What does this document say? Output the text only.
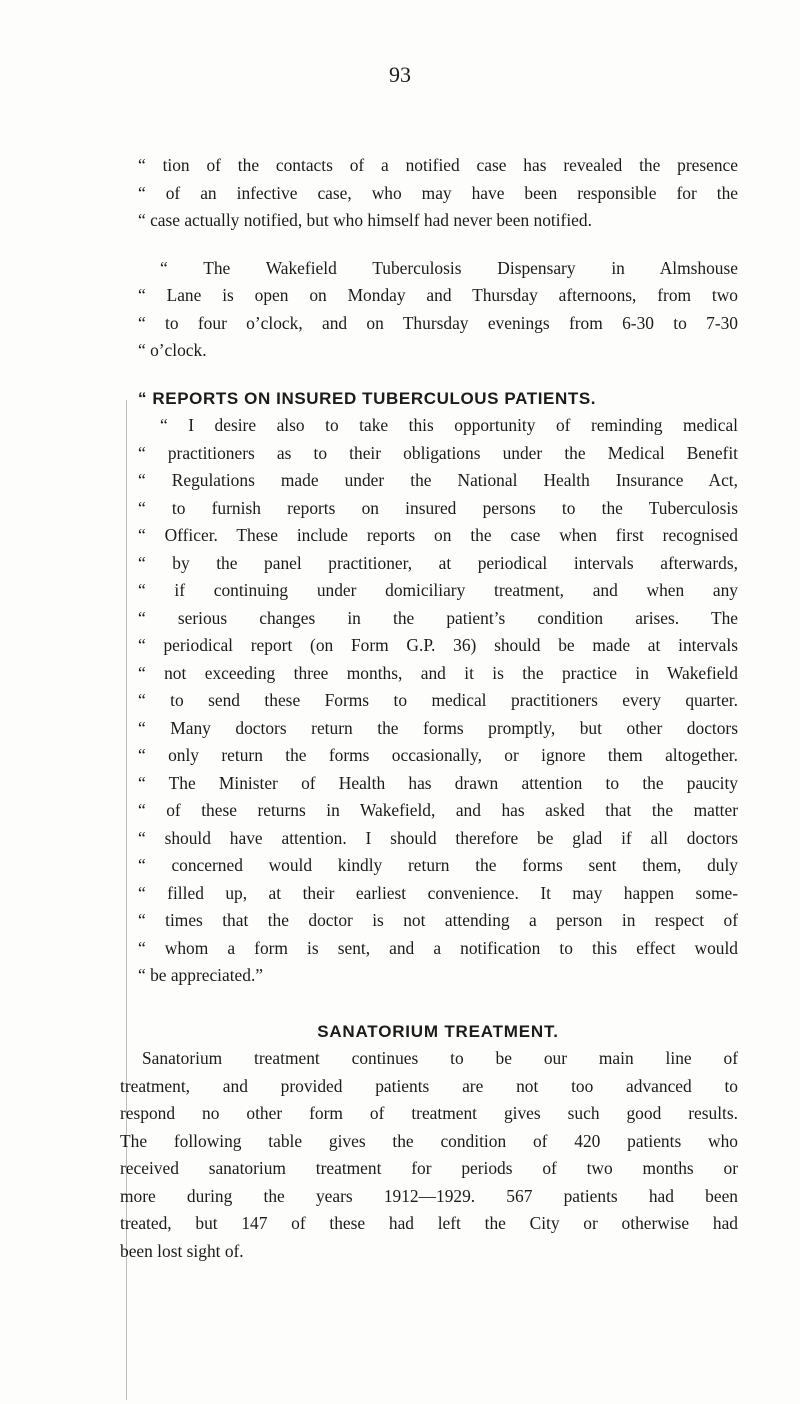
93
“ tion of the contacts of a notified case has revealed the presence
“ of an infective case, who may have been responsible for the
“ case actually notified, but who himself had never been notified.
“ The Wakefield Tuberculosis Dispensary in Almshouse
“ Lane is open on Monday and Thursday afternoons, from two
“ to four o’clock, and on Thursday evenings from 6-30 to 7-30
“ o’clock.
“ REPORTS ON INSURED TUBERCULOUS PATIENTS.
“ I desire also to take this opportunity of reminding medical
“ practitioners as to their obligations under the Medical Benefit
“ Regulations made under the National Health Insurance Act,
“ to furnish reports on insured persons to the Tuberculosis
“ Officer. These include reports on the case when first recognised
“ by the panel practitioner, at periodical intervals afterwards,
“ if continuing under domiciliary treatment, and when any
“ serious changes in the patient’s condition arises. The
“ periodical report (on Form G.P. 36) should be made at intervals
“ not exceeding three months, and it is the practice in Wakefield
“ to send these Forms to medical practitioners every quarter.
“ Many doctors return the forms promptly, but other doctors
“ only return the forms occasionally, or ignore them altogether.
“ The Minister of Health has drawn attention to the paucity
“ of these returns in Wakefield, and has asked that the matter
“ should have attention. I should therefore be glad if all doctors
“ concerned would kindly return the forms sent them, duly
“ filled up, at their earliest convenience. It may happen some-
“ times that the doctor is not attending a person in respect of
“ whom a form is sent, and a notification to this effect would
“ be appreciated.”
SANATORIUM TREATMENT.
Sanatorium treatment continues to be our main line of
treatment, and provided patients are not too advanced to
respond no other form of treatment gives such good results.
The following table gives the condition of 420 patients who
received sanatorium treatment for periods of two months or
more during the years 1912—1929. 567 patients had been
treated, but 147 of these had left the City or otherwise had
been lost sight of.
